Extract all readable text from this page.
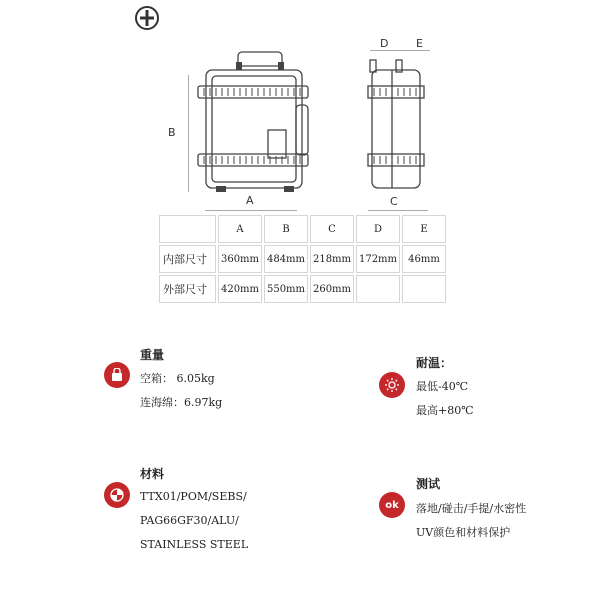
B
A
D	E
C
	A	B	C	D	E
内部尺寸	360mm	484mm	218mm	172mm	46mm
外部尺寸	420mm	550mm	260mm		
重量
空箱： 6.05kg
连海绵：6.97kg
耐温：
最低-40℃
最高+80℃
材料
TTX01/POM/SEBS/
PAG66GF30/ALU/
STAINLESS STEEL
ok
测试
落地/碰击/手提/水密性
UV颜色和材料保护
